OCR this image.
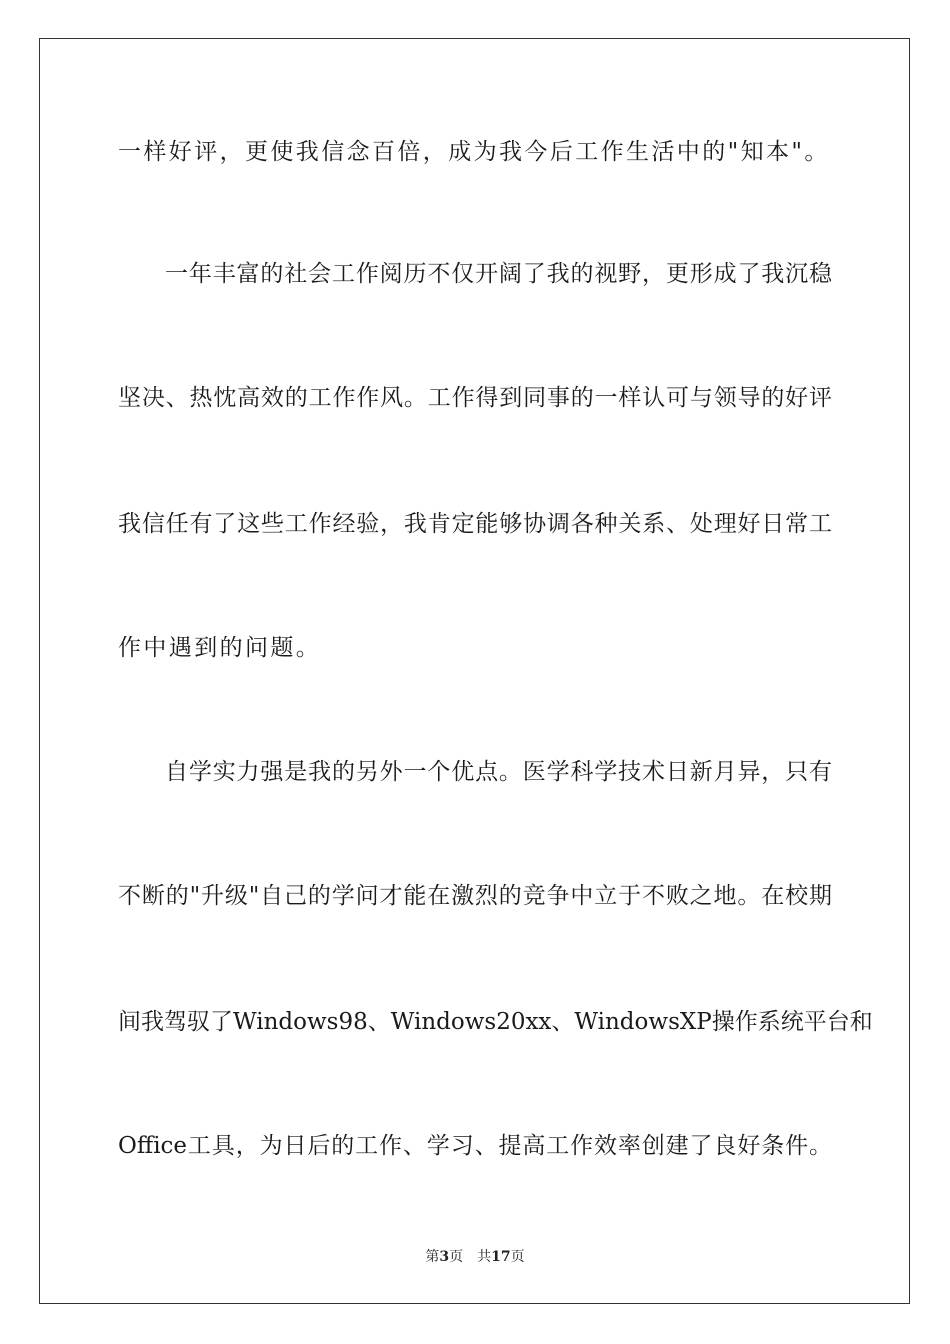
一样好评，更使我信念百倍，成为我今后工作生活中的"知本"。
一年丰富的社会工作阅历不仅开阔了我的视野，更形成了我沉稳
坚决、热忱高效的工作作风。工作得到同事的一样认可与领导的好评
我信任有了这些工作经验，我肯定能够协调各种关系、处理好日常工
作中遇到的问题。
自学实力强是我的另外一个优点。医学科学技术日新月异，只有
不断的"升级"自己的学问才能在激烈的竞争中立于不败之地。在校期
间我驾驭了Windows98、Windows20xx、WindowsXP操作系统平台和
Office工具，为日后的工作、学习、提高工作效率创建了良好条件。
第3页 共17页
